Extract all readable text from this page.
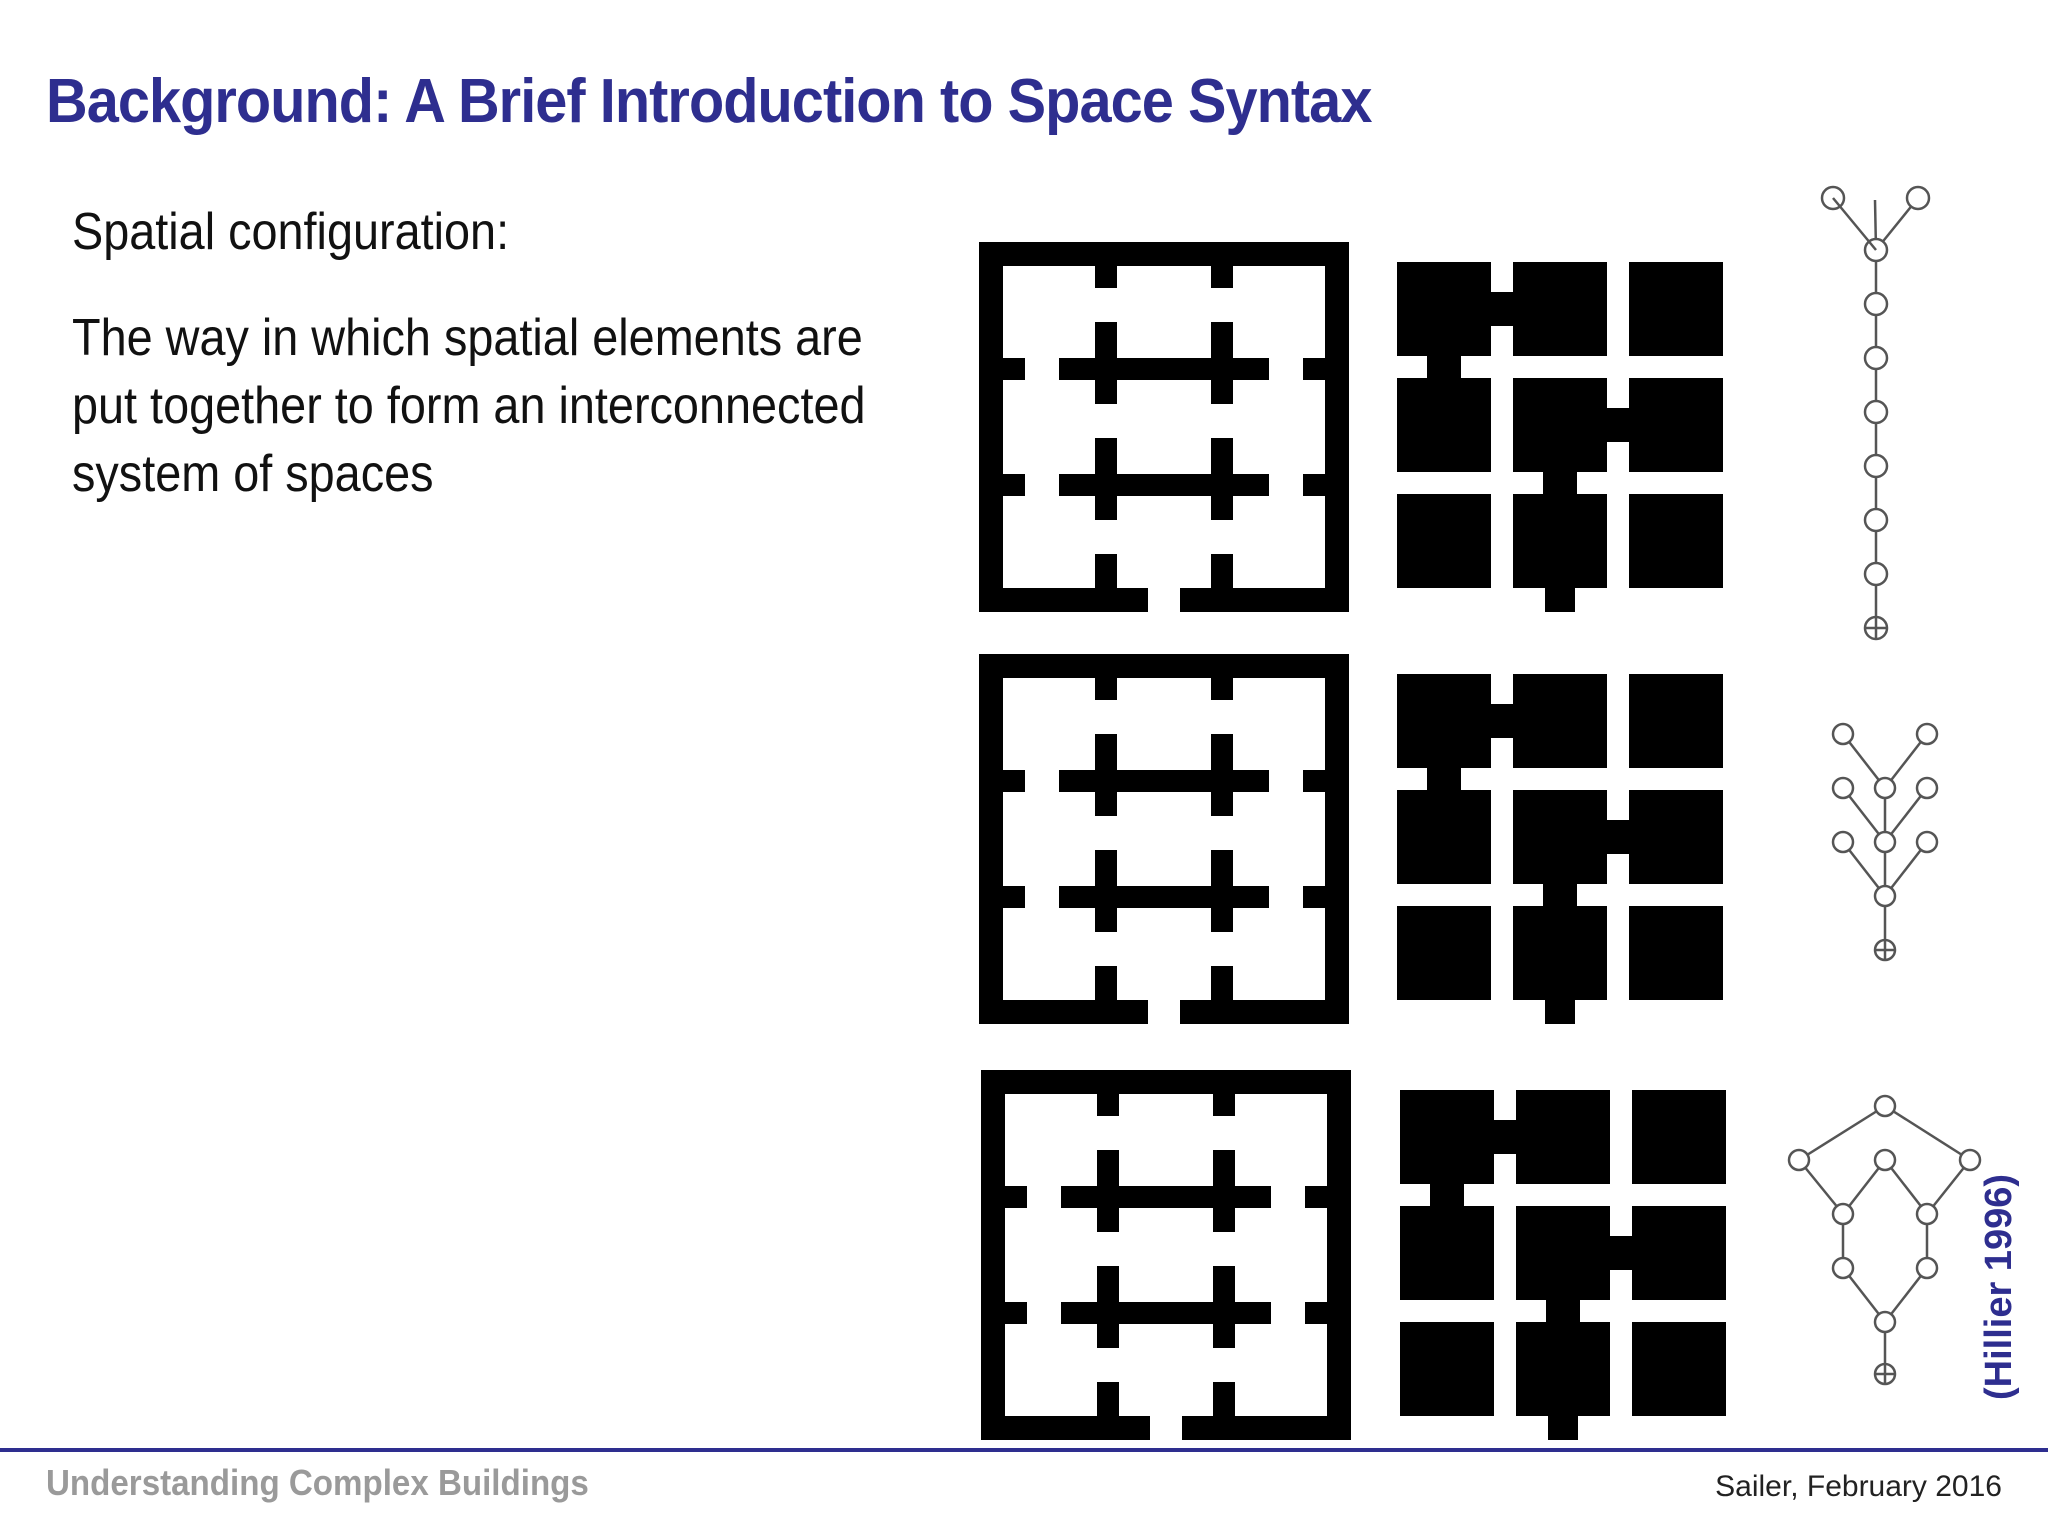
Background: A Brief Introduction to Space Syntax
Spatial configuration:
The way in which spatial elements are put together to form an interconnected system of spaces
(Hillier 1996)
Understanding Complex Buildings	Sailer, February 2016
